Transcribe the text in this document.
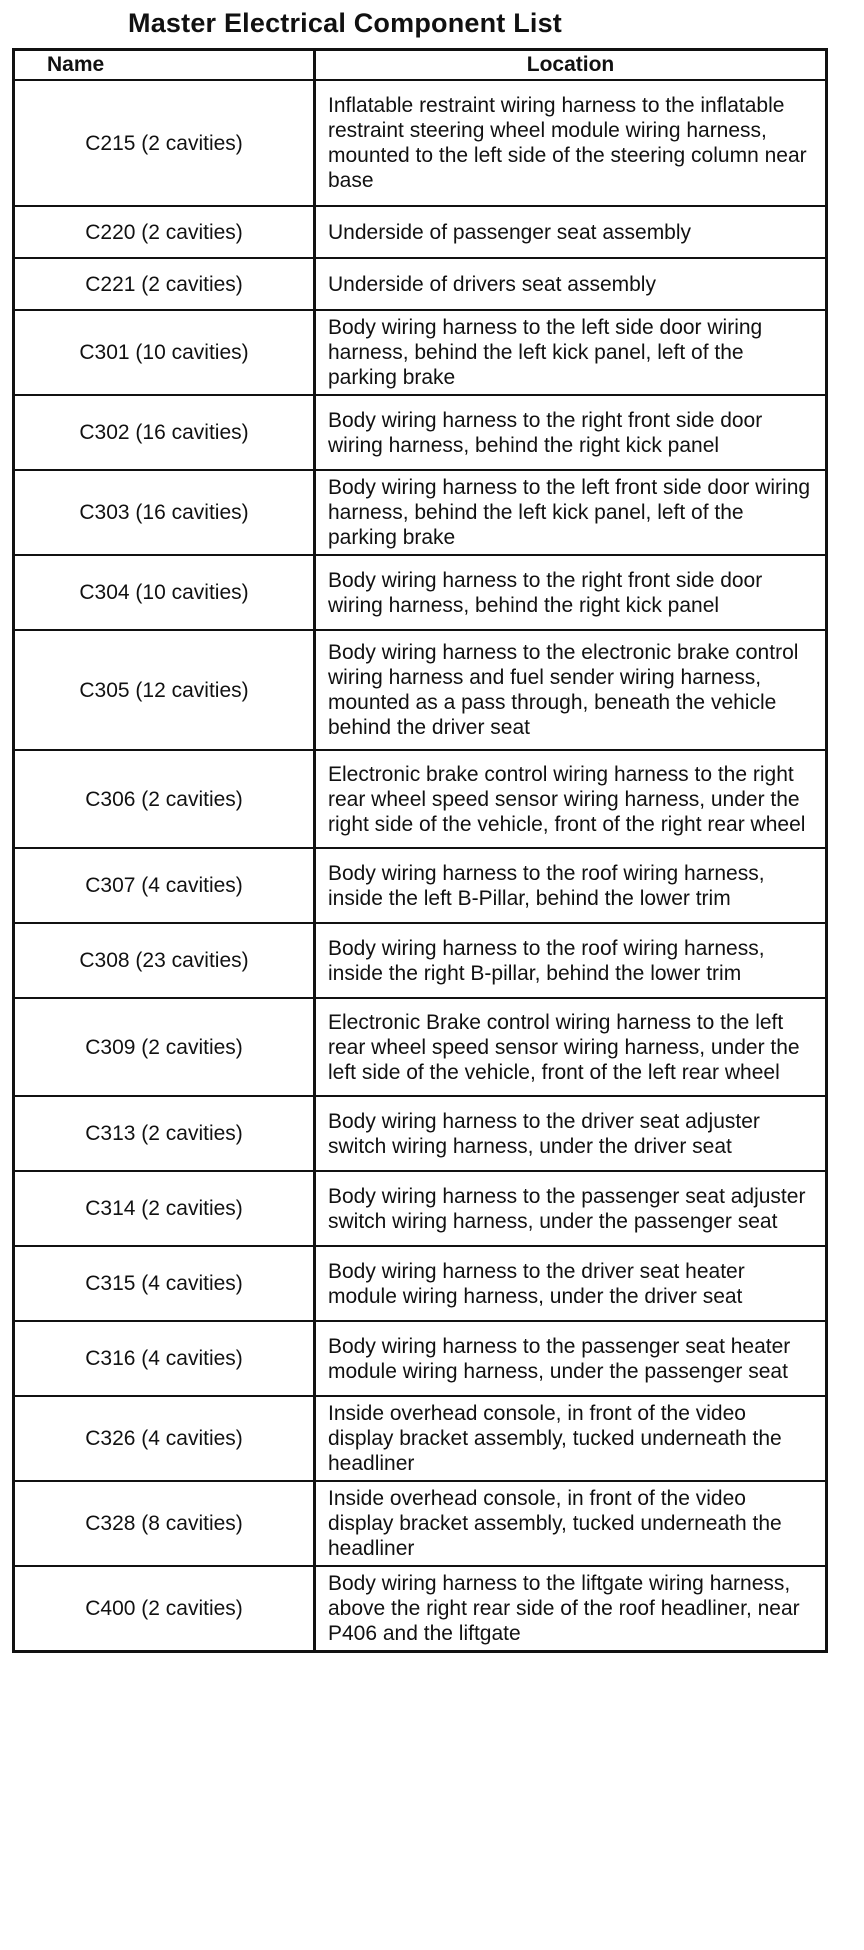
Master Electrical Component List
Name	Location
C215 (2 cavities)	Inflatable restraint wiring harness to the inflatable restraint steering wheel module wiring harness, mounted to the left side of the steering column near base
C220 (2 cavities)	Underside of passenger seat assembly
C221 (2 cavities)	Underside of drivers seat assembly
C301 (10 cavities)	Body wiring harness to the left side door wiring harness, behind the left kick panel, left of the parking brake
C302 (16 cavities)	Body wiring harness to the right front side door wiring harness, behind the right kick panel
C303 (16 cavities)	Body wiring harness to the left front side door wiring harness, behind the left kick panel, left of the parking brake
C304 (10 cavities)	Body wiring harness to the right front side door wiring harness, behind the right kick panel
C305 (12 cavities)	Body wiring harness to the electronic brake control wiring harness and fuel sender wiring harness, mounted as a pass through, beneath the vehicle behind the driver seat
C306 (2 cavities)	Electronic brake control wiring harness to the right rear wheel speed sensor wiring harness, under the right side of the vehicle, front of the right rear wheel
C307 (4 cavities)	Body wiring harness to the roof wiring harness, inside the left B-Pillar, behind the lower trim
C308 (23 cavities)	Body wiring harness to the roof wiring harness, inside the right B-pillar, behind the lower trim
C309 (2 cavities)	Electronic Brake control wiring harness to the left rear wheel speed sensor wiring harness, under the left side of the vehicle, front of the left rear wheel
C313 (2 cavities)	Body wiring harness to the driver seat adjuster switch wiring harness, under the driver seat
C314 (2 cavities)	Body wiring harness to the passenger seat adjuster switch wiring harness, under the passenger seat
C315 (4 cavities)	Body wiring harness to the driver seat heater module wiring harness, under the driver seat
C316 (4 cavities)	Body wiring harness to the passenger seat heater module wiring harness, under the passenger seat
C326 (4 cavities)	Inside overhead console, in front of the video display bracket assembly, tucked underneath the headliner
C328 (8 cavities)	Inside overhead console, in front of the video display bracket assembly, tucked underneath the headliner
C400 (2 cavities)	Body wiring harness to the liftgate wiring harness, above the right rear side of the roof headliner, near P406 and the liftgate
